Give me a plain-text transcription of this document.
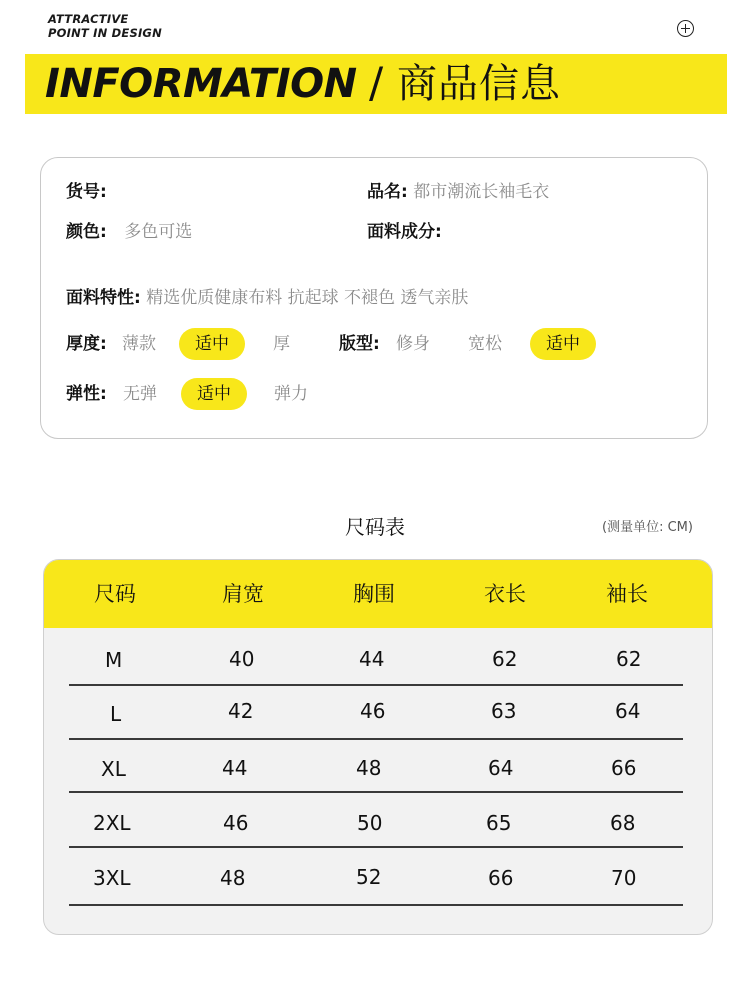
ATTRACTIVE
POINT IN DESIGN
INFORMATION / 商品信息
货号:	品名: 都市潮流长袖毛衣
颜色: 多色可选	面料成分:
面料特性: 精选优质健康布料 抗起球 不褪色 透气亲肤
厚度: 薄款	适中	厚	版型: 修身 宽松	适中
弹性: 无弹	适中	弹力
尺码表	(测量单位: CM)
尺码	肩宽	胸围	衣长	袖长
M	40	44	62	62
L	42	46	63	64
XL	44	48	64	66
2XL	46	50	65	68
3XL	48	52	66	70
